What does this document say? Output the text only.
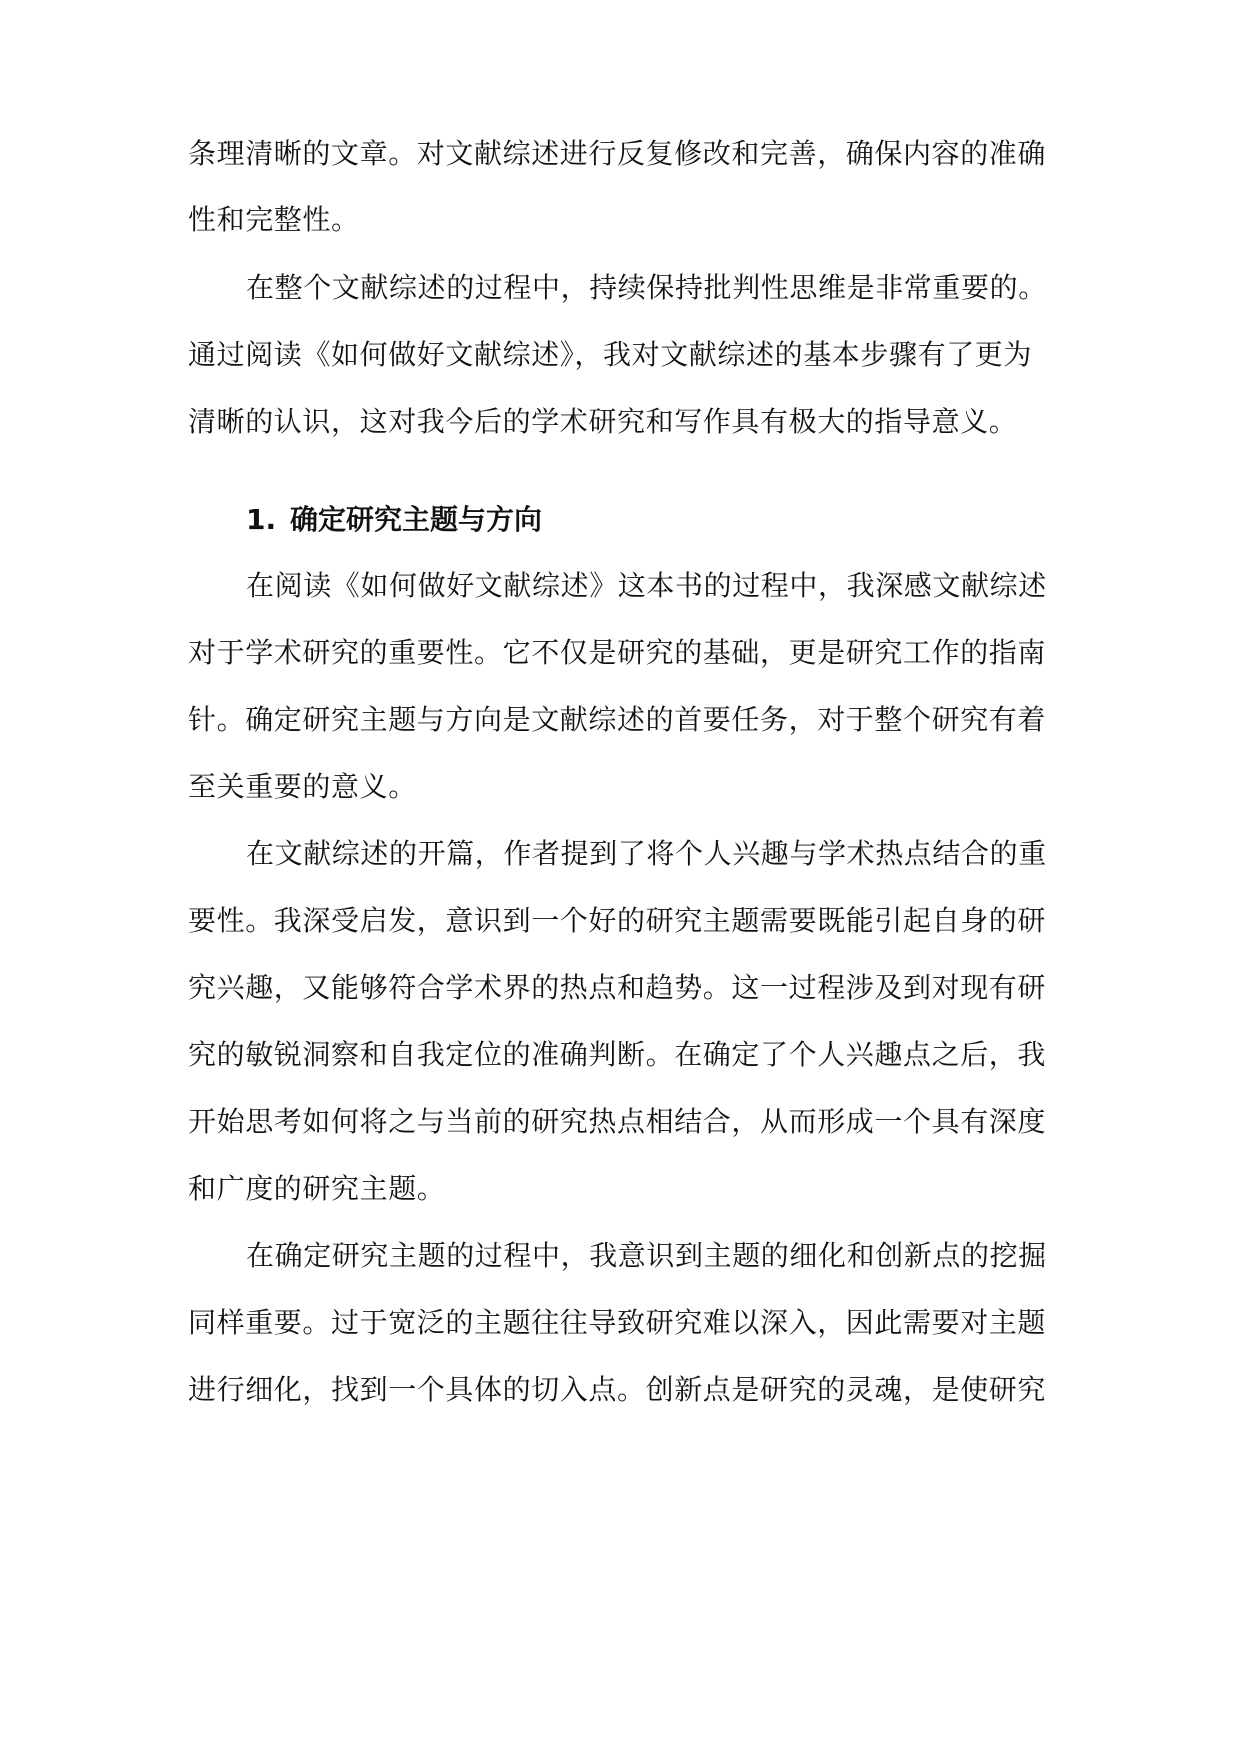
条理清晰的文章。对文献综述进行反复修改和完善，确保内容的准确
性和完整性。
在整个文献综述的过程中，持续保持批判性思维是非常重要的。
通过阅读《如何做好文献综述》，我对文献综述的基本步骤有了更为
清晰的认识，这对我今后的学术研究和写作具有极大的指导意义。
1. 确定研究主题与方向
在阅读《如何做好文献综述》这本书的过程中，我深感文献综述
对于学术研究的重要性。它不仅是研究的基础，更是研究工作的指南
针。确定研究主题与方向是文献综述的首要任务，对于整个研究有着
至关重要的意义。
在文献综述的开篇，作者提到了将个人兴趣与学术热点结合的重
要性。我深受启发，意识到一个好的研究主题需要既能引起自身的研
究兴趣，又能够符合学术界的热点和趋势。这一过程涉及到对现有研
究的敏锐洞察和自我定位的准确判断。在确定了个人兴趣点之后，我
开始思考如何将之与当前的研究热点相结合，从而形成一个具有深度
和广度的研究主题。
在确定研究主题的过程中，我意识到主题的细化和创新点的挖掘
同样重要。过于宽泛的主题往往导致研究难以深入，因此需要对主题
进行细化，找到一个具体的切入点。创新点是研究的灵魂，是使研究
